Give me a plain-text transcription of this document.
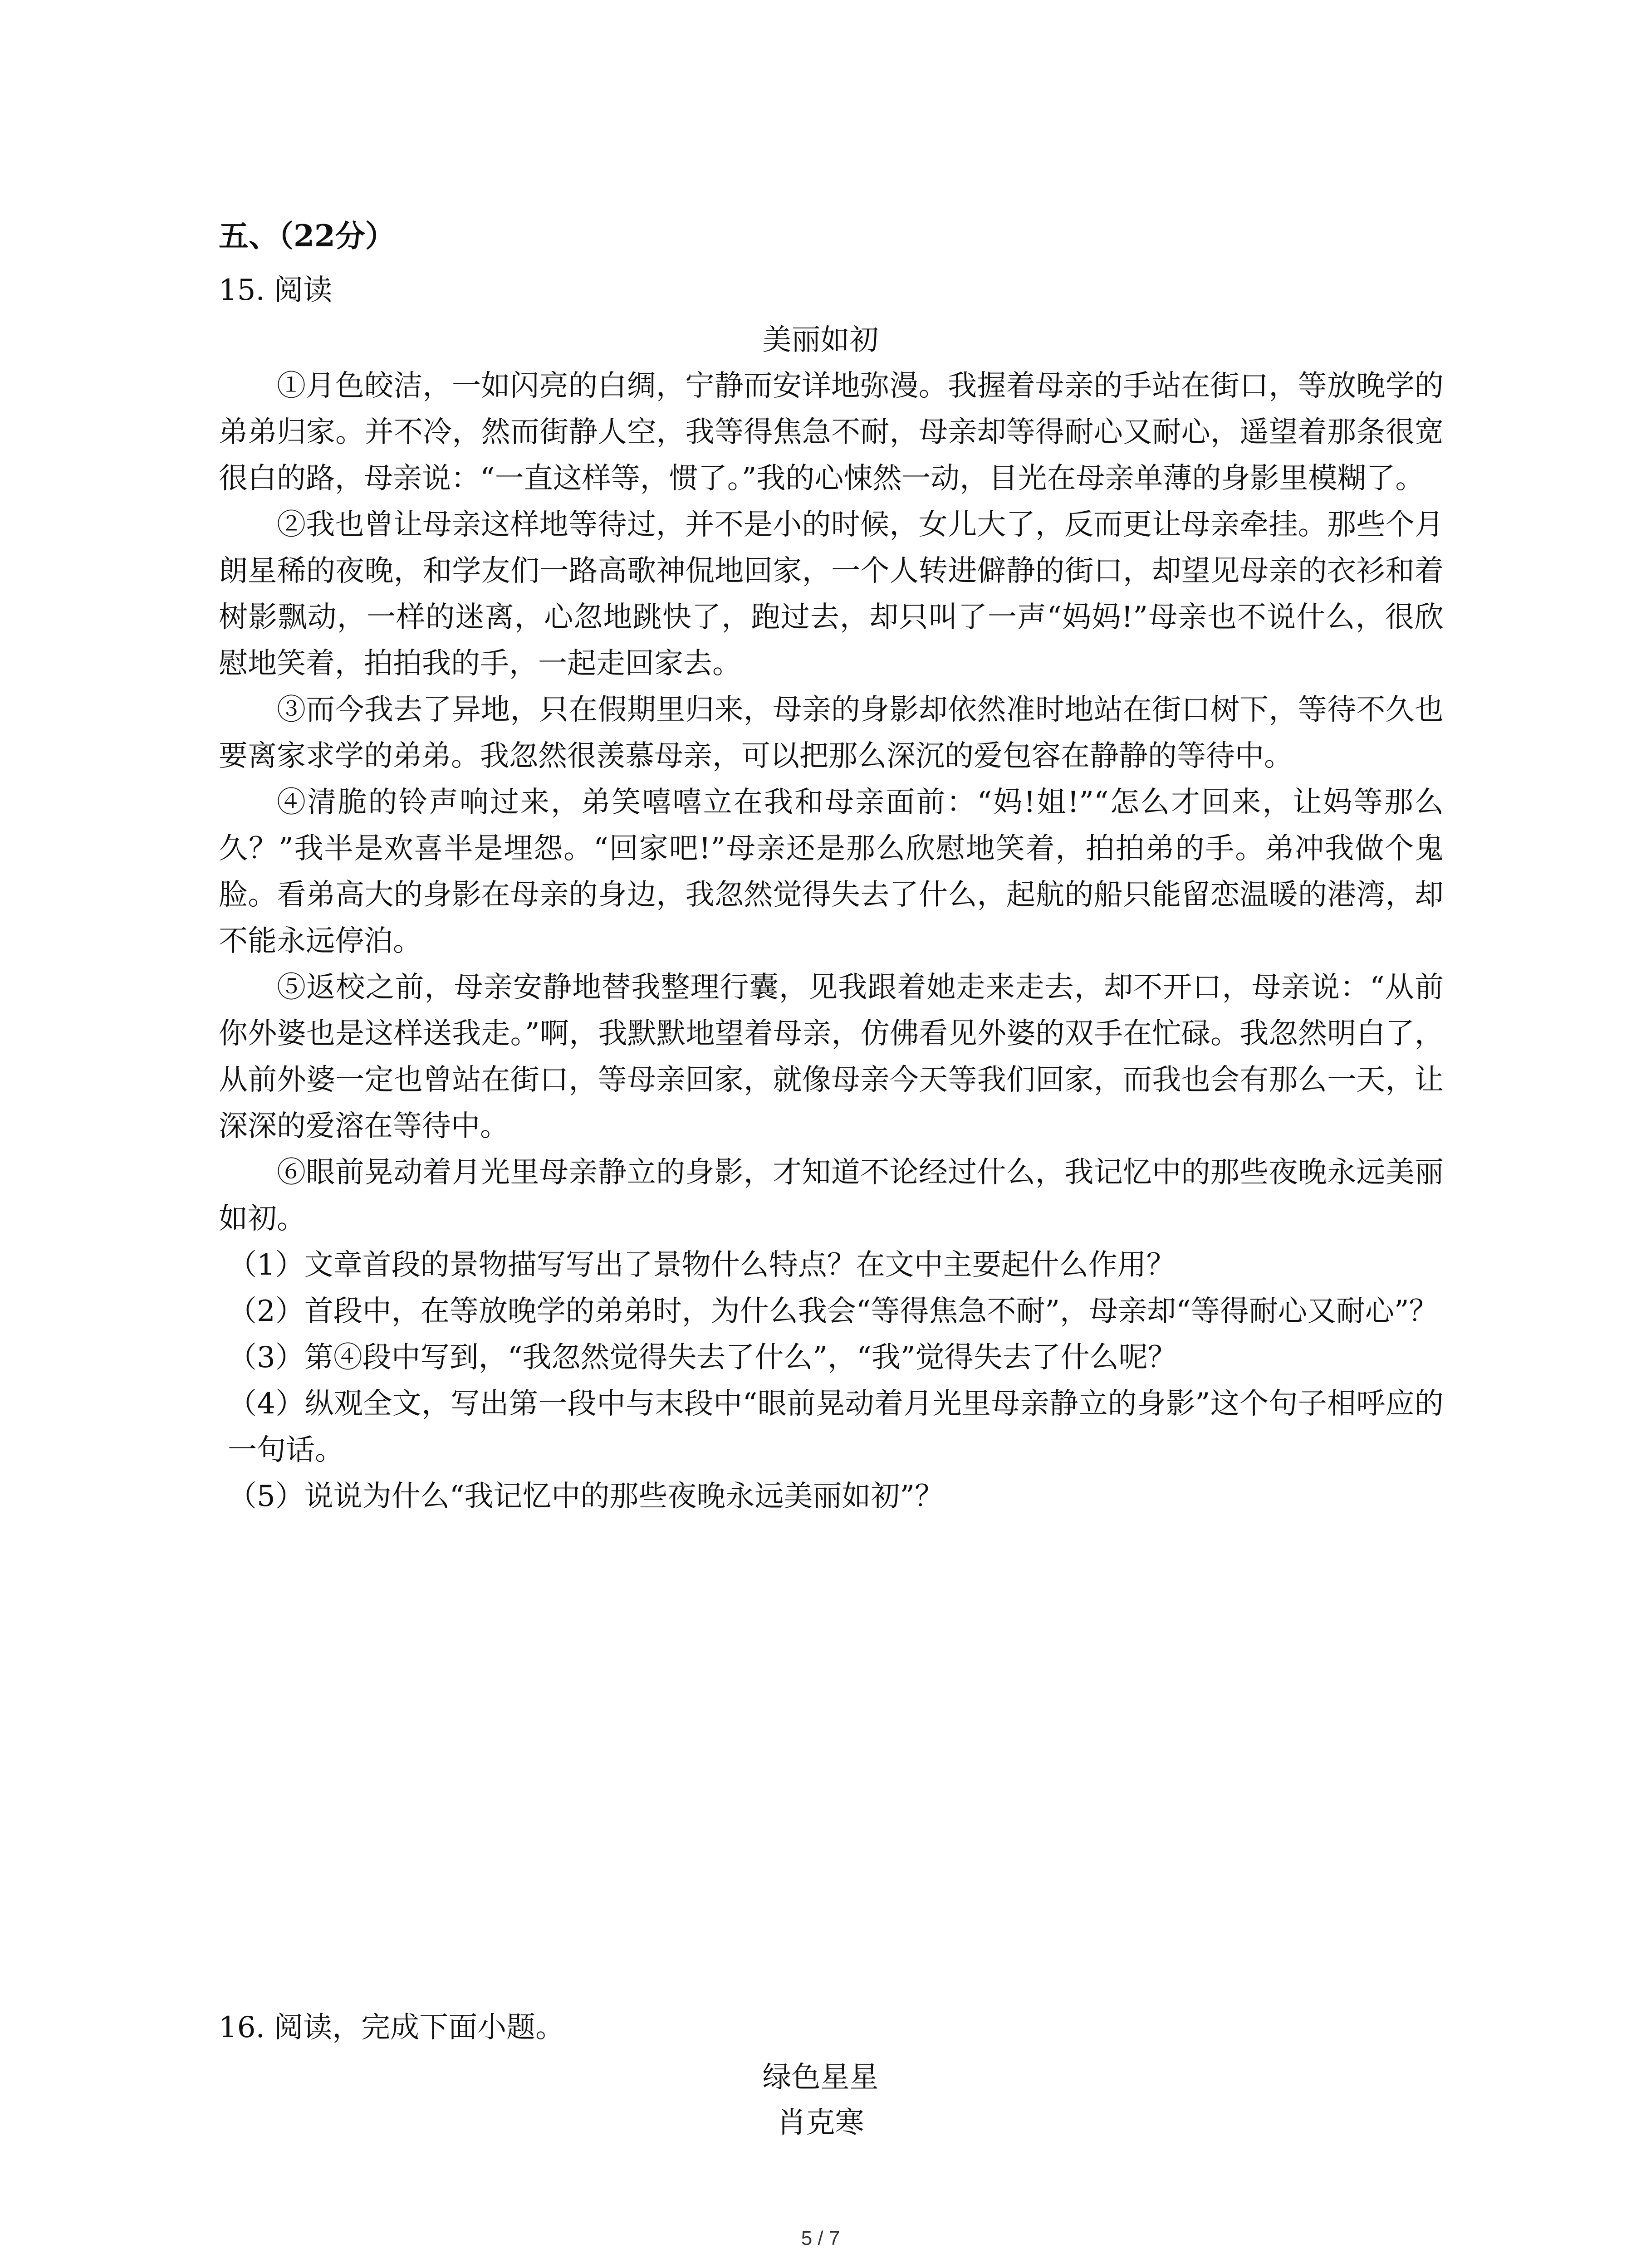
五、（22分）
15. 阅读
美丽如初

①月色皎洁，一如闪亮的白绸，宁静而安详地弥漫。我握着母亲的手站在街口，等放晚学的弟弟归家。并不冷，然而街静人空，我等得焦急不耐，母亲却等得耐心又耐心，遥望着那条很宽很白的路，母亲说：“一直这样等，惯了。”我的心悚然一动，目光在母亲单薄的身影里模糊了。

②我也曾让母亲这样地等待过，并不是小的时候，女儿大了，反而更让母亲牵挂。那些个月朗星稀的夜晚，和学友们一路高歌神侃地回家，一个人转进僻静的街口，却望见母亲的衣衫和着树影飘动，一样的迷离，心忽地跳快了，跑过去，却只叫了一声“妈妈!”母亲也不说什么，很欣慰地笑着，拍拍我的手，一起走回家去。

③而今我去了异地，只在假期里归来，母亲的身影却依然准时地站在街口树下，等待不久也要离家求学的弟弟。我忽然很羡慕母亲，可以把那么深沉的爱包容在静静的等待中。

④清脆的铃声响过来，弟笑嘻嘻立在我和母亲面前：“妈!姐!”“怎么才回来，让妈等那么久？”我半是欢喜半是埋怨。“回家吧!”母亲还是那么欣慰地笑着，拍拍弟的手。弟冲我做个鬼脸。看弟高大的身影在母亲的身边，我忽然觉得失去了什么，起航的船只能留恋温暖的港湾，却不能永远停泊。

⑤返校之前，母亲安静地替我整理行囊，见我跟着她走来走去，却不开口，母亲说：“从前你外婆也是这样送我走。”啊，我默默地望着母亲，仿佛看见外婆的双手在忙碌。我忽然明白了，从前外婆一定也曾站在街口，等母亲回家，就像母亲今天等我们回家，而我也会有那么一天，让深深的爱溶在等待中。

⑥眼前晃动着月光里母亲静立的身影，才知道不论经过什么，我记忆中的那些夜晚永远美丽如初。

（1）文章首段的景物描写写出了景物什么特点？在文中主要起什么作用？

（2）首段中，在等放晚学的弟弟时，为什么我会“等得焦急不耐”，母亲却“等得耐心又耐心”？

（3）第④段中写到，“我忽然觉得失去了什么”，“我”觉得失去了什么呢？

（4）纵观全文，写出第一段中与末段中“眼前晃动着月光里母亲静立的身影”这个句子相呼应的一句话。

（5）说说为什么“我记忆中的那些夜晚永远美丽如初”？

16. 阅读，完成下面小题。
绿色星星
肖克寒
5 / 7
